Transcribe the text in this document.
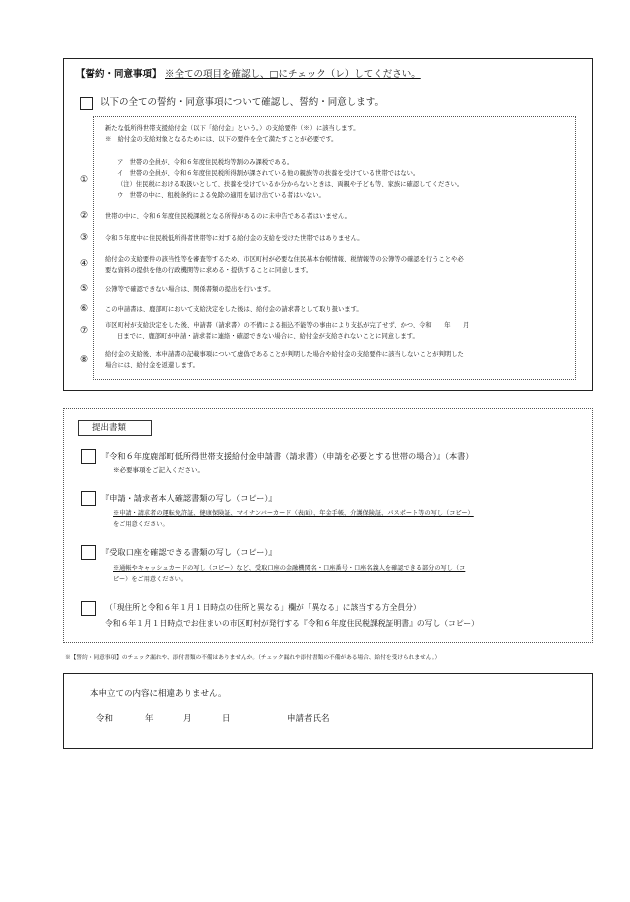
【誓約・同意事項】 ※全ての項目を確認し、□にチェック（レ）してください。
以下の全ての誓約・同意事項について確認し、誓約・同意します。
新たな低所得世帯支援給付金（以下「給付金」という。）の支給要件（※）に該当します。
※　給付金の支給対象となるためには、以下の要件を全て満たすことが必要です。
①
ア　世帯の全員が、令和６年度住民税均等割のみ課税である。
イ　世帯の全員が、令和６年度住民税所得割が課されている他の親族等の扶養を受けている世帯ではない。
（注）住民税における取扱いとして、扶養を受けているか分からないときは、両親や子ども等、家族に確認してください。
ウ　世帯の中に、租税条約による免除の適用を届け出ている者はいない。
②	世帯の中に、令和６年度住民税課税となる所得があるのに未申告である者はいません。
③	令和５年度中に住民税低所得者世帯等に対する給付金の支給を受けた世帯ではありません。
④	給付金の支給要件の該当性等を審査等するため、市区町村が必要な住民基本台帳情報、税情報等の公簿等の確認を行うことや必
要な資料の提供を他の行政機関等に求める・提供することに同意します。
⑤	公簿等で確認できない場合は、関係書類の提出を行います。
⑥	この申請書は、鹿部町において支給決定をした後は、給付金の請求書として取り扱います。
⑦
市区町村が支給決定をした後、申請書（請求書）の不備による振込不能等の事由により支払が完了せず、かつ、令和　　年　　月
日までに、鹿部町が申請・請求者に連絡・確認できない場合に、給付金が支給されないことに同意します。
⑧
給付金の支給後、本申請書の記載事項について虚偽であることが判明した場合や給付金の支給要件に該当しないことが判明した
場合には、給付金を返還します。
提出書類
『令和６年度鹿部町低所得世帯支援給付金申請書（請求書）（申請を必要とする世帯の場合）』（本書）
※必要事項をご記入ください。
『申請・請求者本人確認書類の写し（コピー）』
※申請・請求者の運転免許証、健康保険証、マイナンバーカード（表面）、年金手帳、介護保険証、パスポート等の写し（コピー）
をご用意ください。
『受取口座を確認できる書類の写し（コピー）』
※通帳やキャッシュカードの写し（コピー）など、受取口座の金融機関名・口座番号・口座名義人を確認できる部分の写し（コ
ピー）をご用意ください。
（「現住所と令和６年１月１日時点の住所と異なる」欄が「異なる」に該当する方全員分）
令和６年１月１日時点でお住まいの市区町村が発行する『令和６年度住民税課税証明書』の写し（コピー）
※【誓約・同意事項】のチェック漏れや、添付書類の不備はありませんか。（チェック漏れや添付書類の不備がある場合、給付を受けられません。）
本申立ての内容に相違ありません。
令和	年	月	日	申請者氏名
